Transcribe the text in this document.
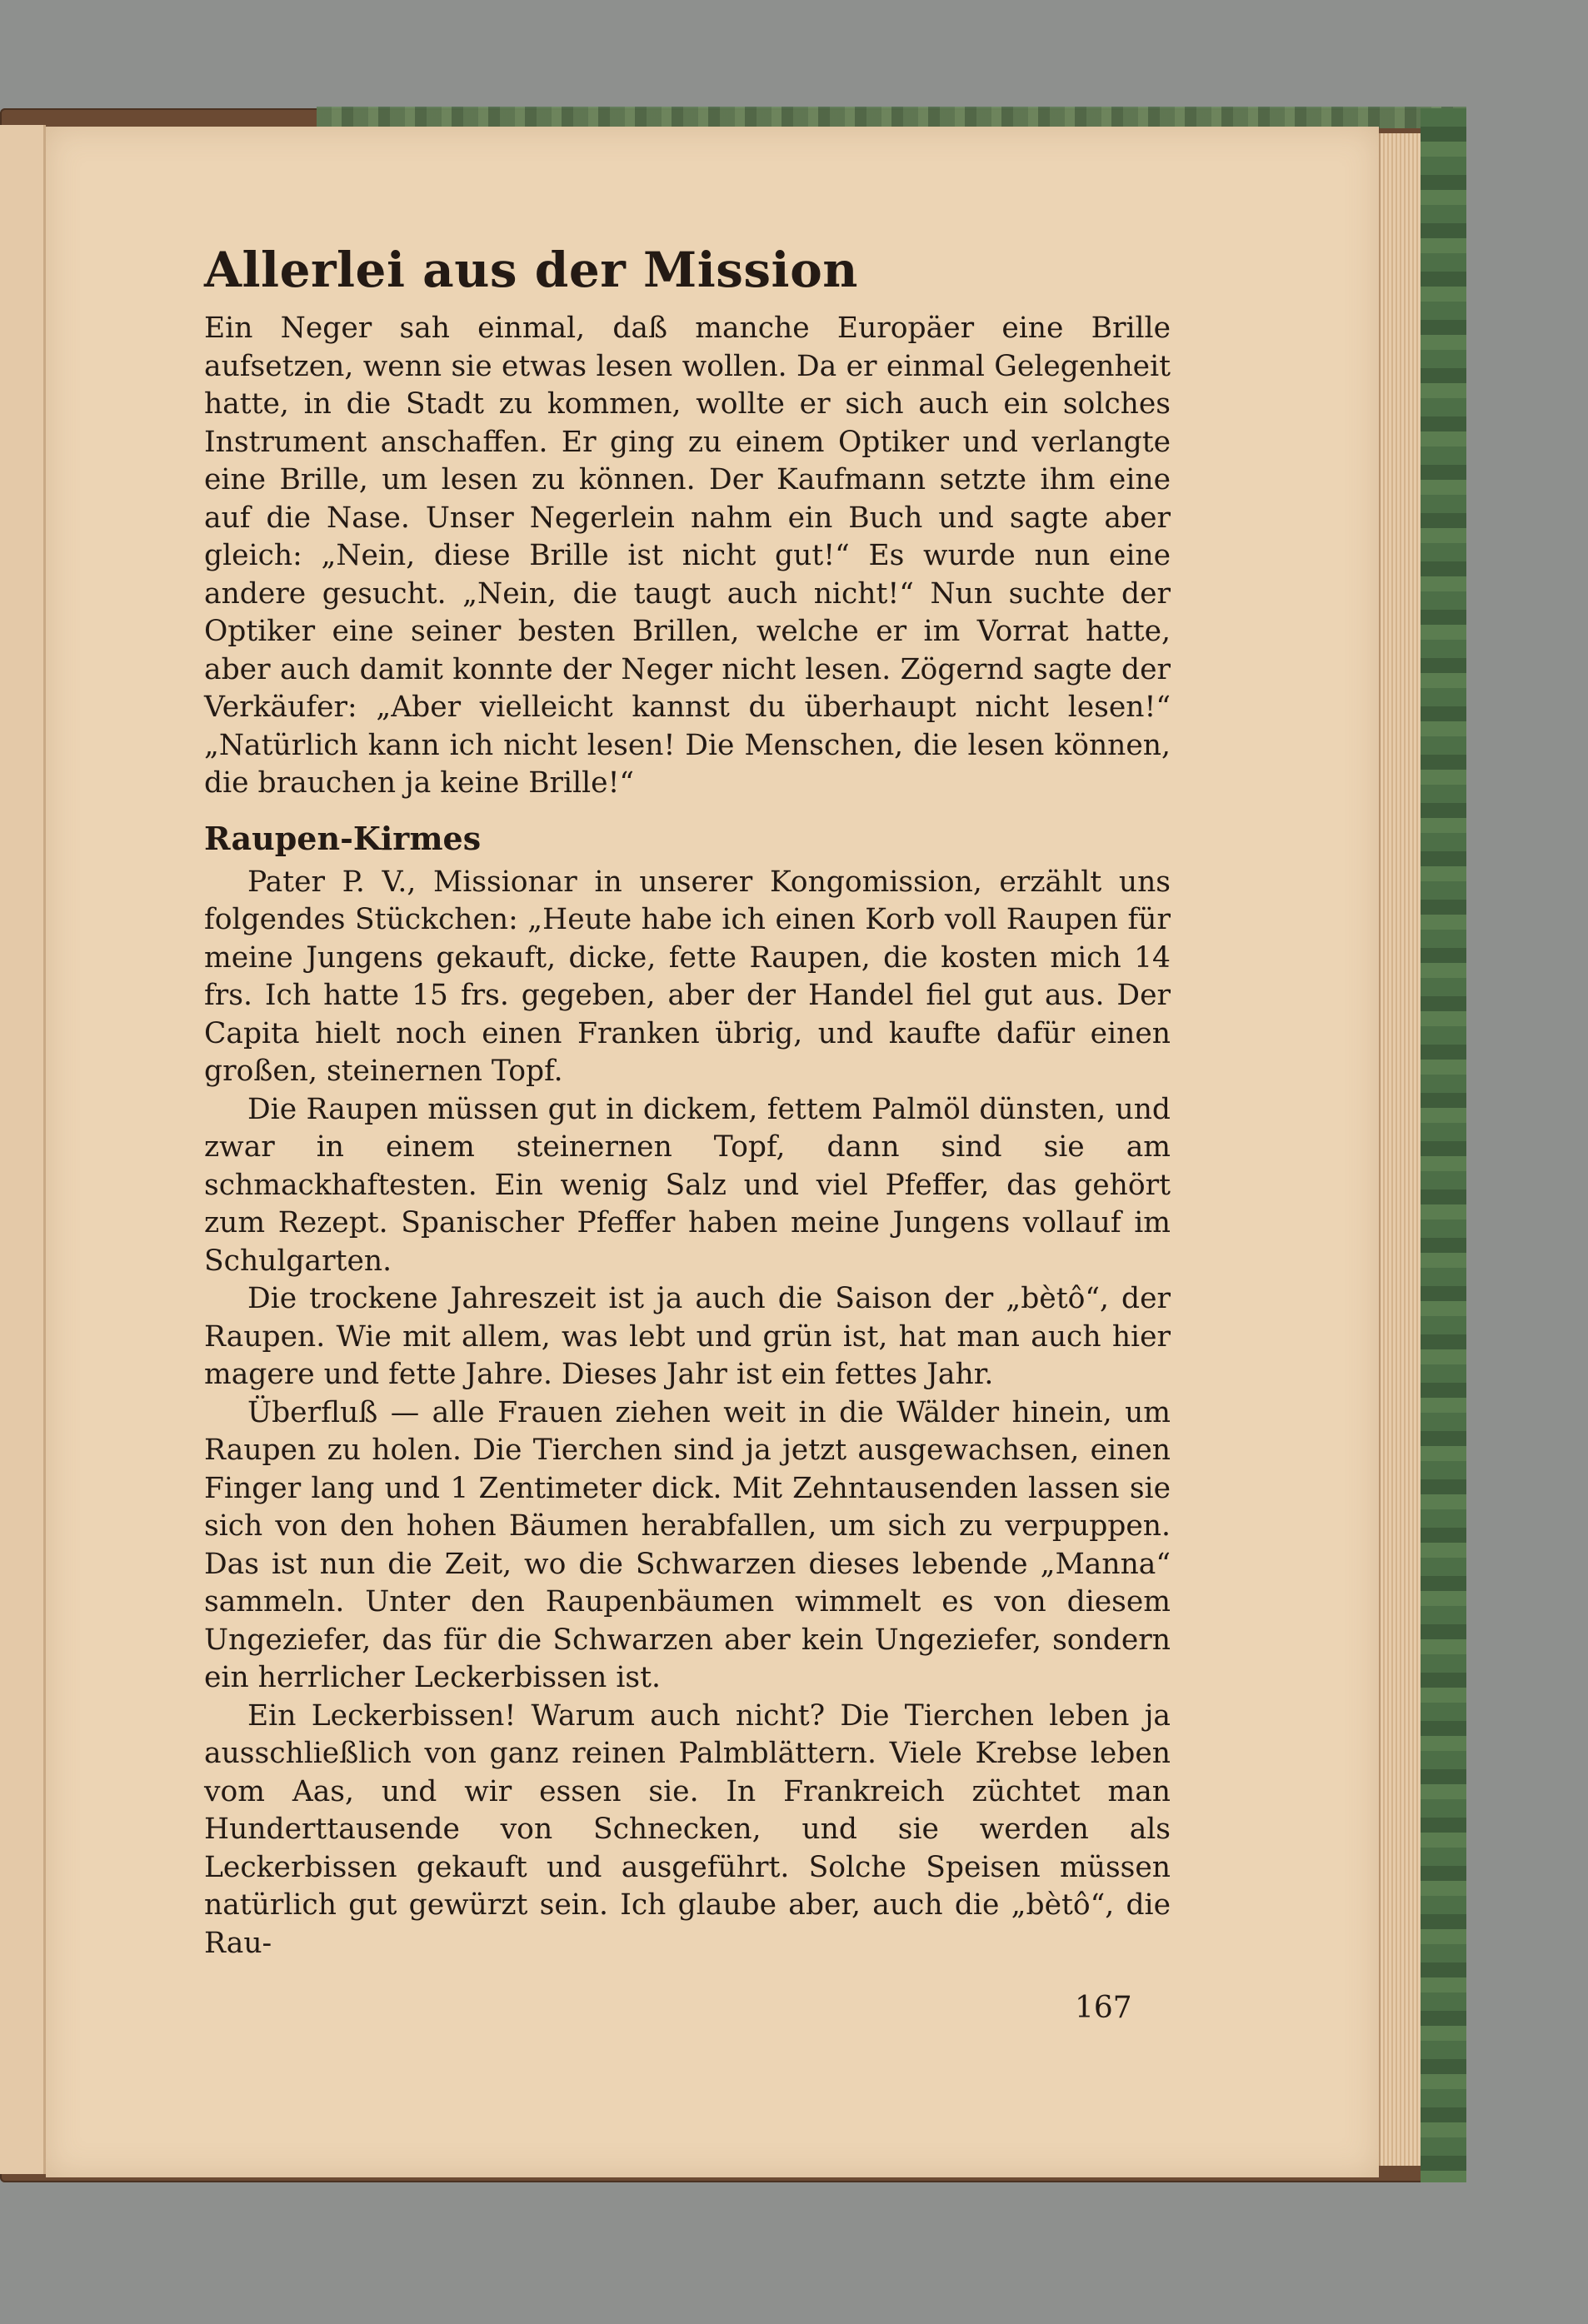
Allerlei aus der Mission

Ein Neger sah einmal, daß manche Europäer eine Brille aufsetzen, wenn sie etwas lesen wollen. Da er einmal Gelegenheit hatte, in die Stadt zu kommen, wollte er sich auch ein solches Instrument anschaffen. Er ging zu einem Optiker und verlangte eine Brille, um lesen zu können. Der Kaufmann setzte ihm eine auf die Nase. Unser Negerlein nahm ein Buch und sagte aber gleich: „Nein, diese Brille ist nicht gut!“ Es wurde nun eine andere gesucht. „Nein, die taugt auch nicht!“ Nun suchte der Optiker eine seiner besten Brillen, welche er im Vorrat hatte, aber auch damit konnte der Neger nicht lesen. Zögernd sagte der Verkäufer: „Aber vielleicht kannst du überhaupt nicht lesen!“ „Natürlich kann ich nicht lesen! Die Menschen, die lesen können, die brauchen ja keine Brille!“

Raupen-Kirmes

Pater P. V., Missionar in unserer Kongomission, erzählt uns folgendes Stückchen: „Heute habe ich einen Korb voll Raupen für meine Jungens gekauft, dicke, fette Raupen, die kosten mich 14 frs. Ich hatte 15 frs. gegeben, aber der Handel fiel gut aus. Der Capita hielt noch einen Franken übrig, und kaufte dafür einen großen, steinernen Topf.

Die Raupen müssen gut in dickem, fettem Palmöl dünsten, und zwar in einem steinernen Topf, dann sind sie am schmackhaftesten. Ein wenig Salz und viel Pfeffer, das gehört zum Rezept. Spanischer Pfeffer haben meine Jungens vollauf im Schulgarten.

Die trockene Jahreszeit ist ja auch die Saison der „bètô“, der Raupen. Wie mit allem, was lebt und grün ist, hat man auch hier magere und fette Jahre. Dieses Jahr ist ein fettes Jahr.

Überfluß — alle Frauen ziehen weit in die Wälder hinein, um Raupen zu holen. Die Tierchen sind ja jetzt ausgewachsen, einen Finger lang und 1 Zentimeter dick. Mit Zehntausenden lassen sie sich von den hohen Bäumen herabfallen, um sich zu verpuppen. Das ist nun die Zeit, wo die Schwarzen dieses lebende „Manna“ sammeln. Unter den Raupenbäumen wimmelt es von diesem Ungeziefer, das für die Schwarzen aber kein Ungeziefer, sondern ein herrlicher Leckerbissen ist.

Ein Leckerbissen! Warum auch nicht? Die Tierchen leben ja ausschließlich von ganz reinen Palmblättern. Viele Krebse leben vom Aas, und wir essen sie. In Frankreich züchtet man Hunderttausende von Schnecken, und sie werden als Leckerbissen gekauft und ausgeführt. Solche Speisen müssen natürlich gut gewürzt sein. Ich glaube aber, auch die „bètô“, die Rau-

167
